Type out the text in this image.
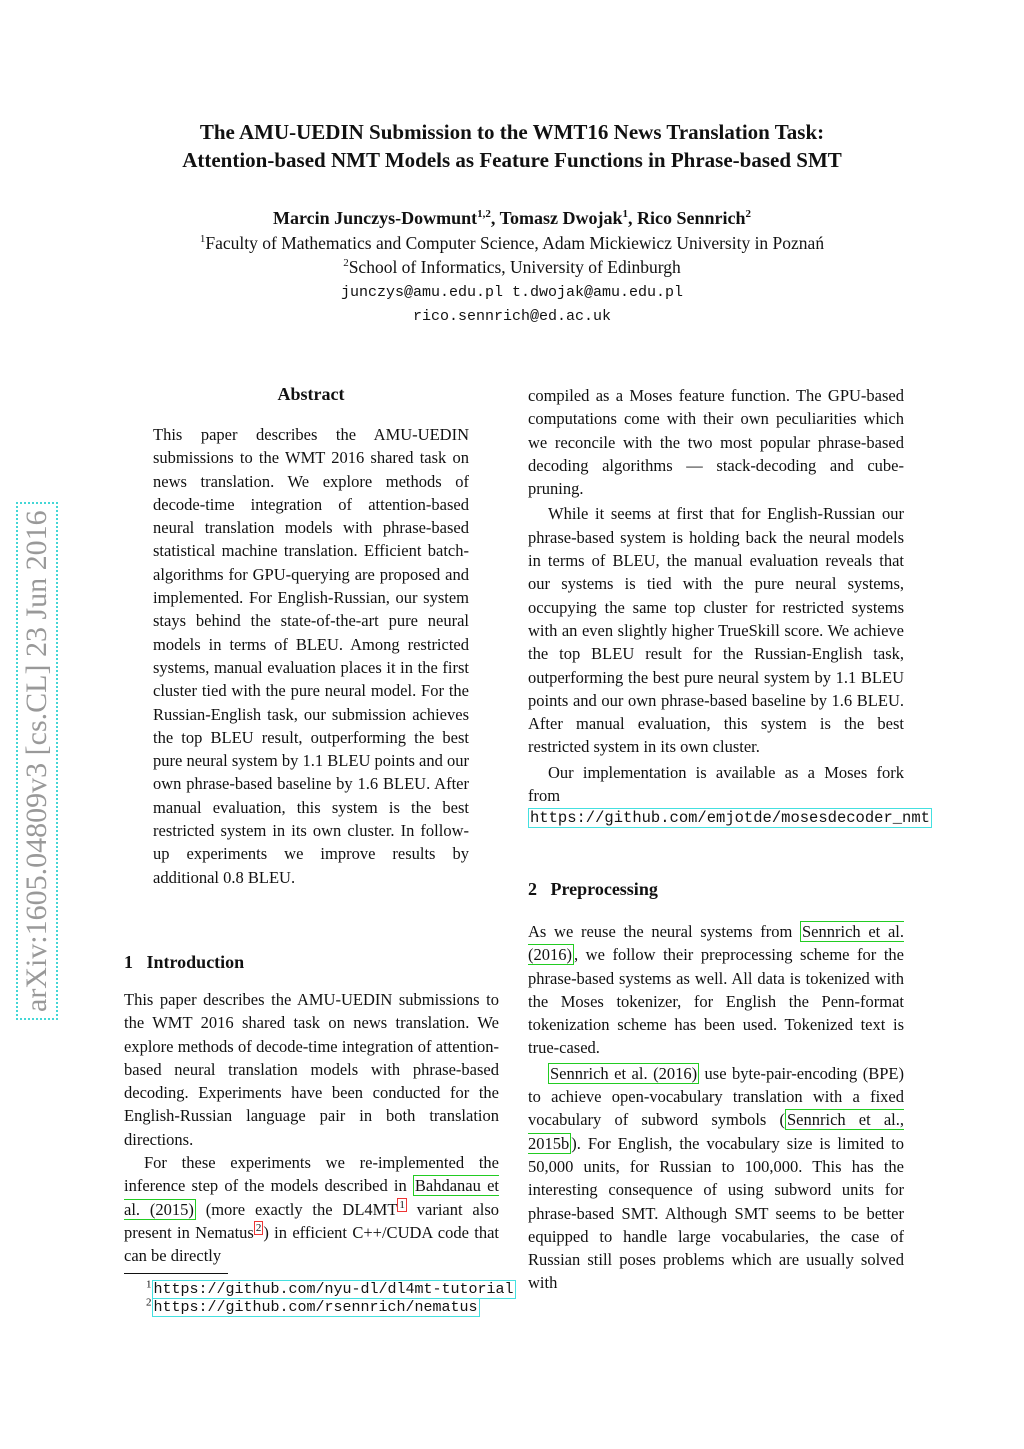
The AMU-UEDIN Submission to the WMT16 News Translation Task:
Attention-based NMT Models as Feature Functions in Phrase-based SMT
Marcin Junczys-Dowmunt$^{1,2}$, Tomasz Dwojak$^1$, Rico Sennrich$^2$
$^1$Faculty of Mathematics and Computer Science, Adam Mickiewicz University in Poznań
$^2$School of Informatics, University of Edinburgh
junczys@amu.edu.pl t.dwojak@amu.edu.pl
rico.sennrich@ed.ac.uk
arXiv:1605.04809v3 [cs.CL] 23 Jun 2016
Abstract

This paper describes the AMU-UEDIN submissions to the WMT 2016 shared task on news translation. We explore methods of decode-time integration of attention-based neural translation models with phrase-based statistical machine translation. Efficient batch-algorithms for GPU-querying are proposed and implemented. For English-Russian, our system stays behind the state-of-the-art pure neural models in terms of BLEU. Among restricted systems, manual evaluation places it in the first cluster tied with the pure neural model. For the Russian-English task, our submission achieves the top BLEU result, outperforming the best pure neural system by 1.1 BLEU points and our own phrase-based baseline by 1.6 BLEU. After manual evaluation, this system is the best restricted system in its own cluster. In follow-up experiments we improve results by additional 0.8 BLEU.

1 Introduction

This paper describes the AMU-UEDIN submissions to the WMT 2016 shared task on news translation. We explore methods of decode-time integration of attention-based neural translation models with phrase-based decoding. Experiments have been conducted for the English-Russian language pair in both translation directions.

For these experiments we re-implemented the inference step of the models described in Bahdanau et al. (2015) (more exactly the DL4MT $^1$ variant also present in Nematus $^2$ ) in efficient C++/CUDA code that can be directly

$^1$ https://github.com/nyu-dl/dl4mt-tutorial
$^2$ https://github.com/rsennrich/nematus

compiled as a Moses feature function. The GPU-based computations come with their own peculiarities which we reconcile with the two most popular phrase-based decoding algorithms — stack-decoding and cube-pruning.

While it seems at first that for English-Russian our phrase-based system is holding back the neural models in terms of BLEU, the manual evaluation reveals that our systems is tied with the pure neural systems, occupying the same top cluster for restricted systems with an even slightly higher TrueSkill score. We achieve the top BLEU result for the Russian-English task, outperforming the best pure neural system by 1.1 BLEU points and our own phrase-based baseline by 1.6 BLEU. After manual evaluation, this system is the best restricted system in its own cluster.

Our implementation is available as a Moses fork from

https://github.com/emjotde/mosesdecoder_nmt
2 Preprocessing

As we reuse the neural systems from Sennrich et al. (2016) , we follow their preprocessing scheme for the phrase-based systems as well. All data is tokenized with the Moses tokenizer, for English the Penn-format tokenization scheme has been used. Tokenized text is true-cased.

Sennrich et al. (2016) use byte-pair-encoding (BPE) to achieve open-vocabulary translation with a fixed vocabulary of subword symbols ( Sennrich et al., 2015b ). For English, the vocabulary size is limited to 50,000 units, for Russian to 100,000. This has the interesting consequence of using subword units for phrase-based SMT. Although SMT seems to be better equipped to handle large vocabularies, the case of Russian still poses problems which are usually solved with
